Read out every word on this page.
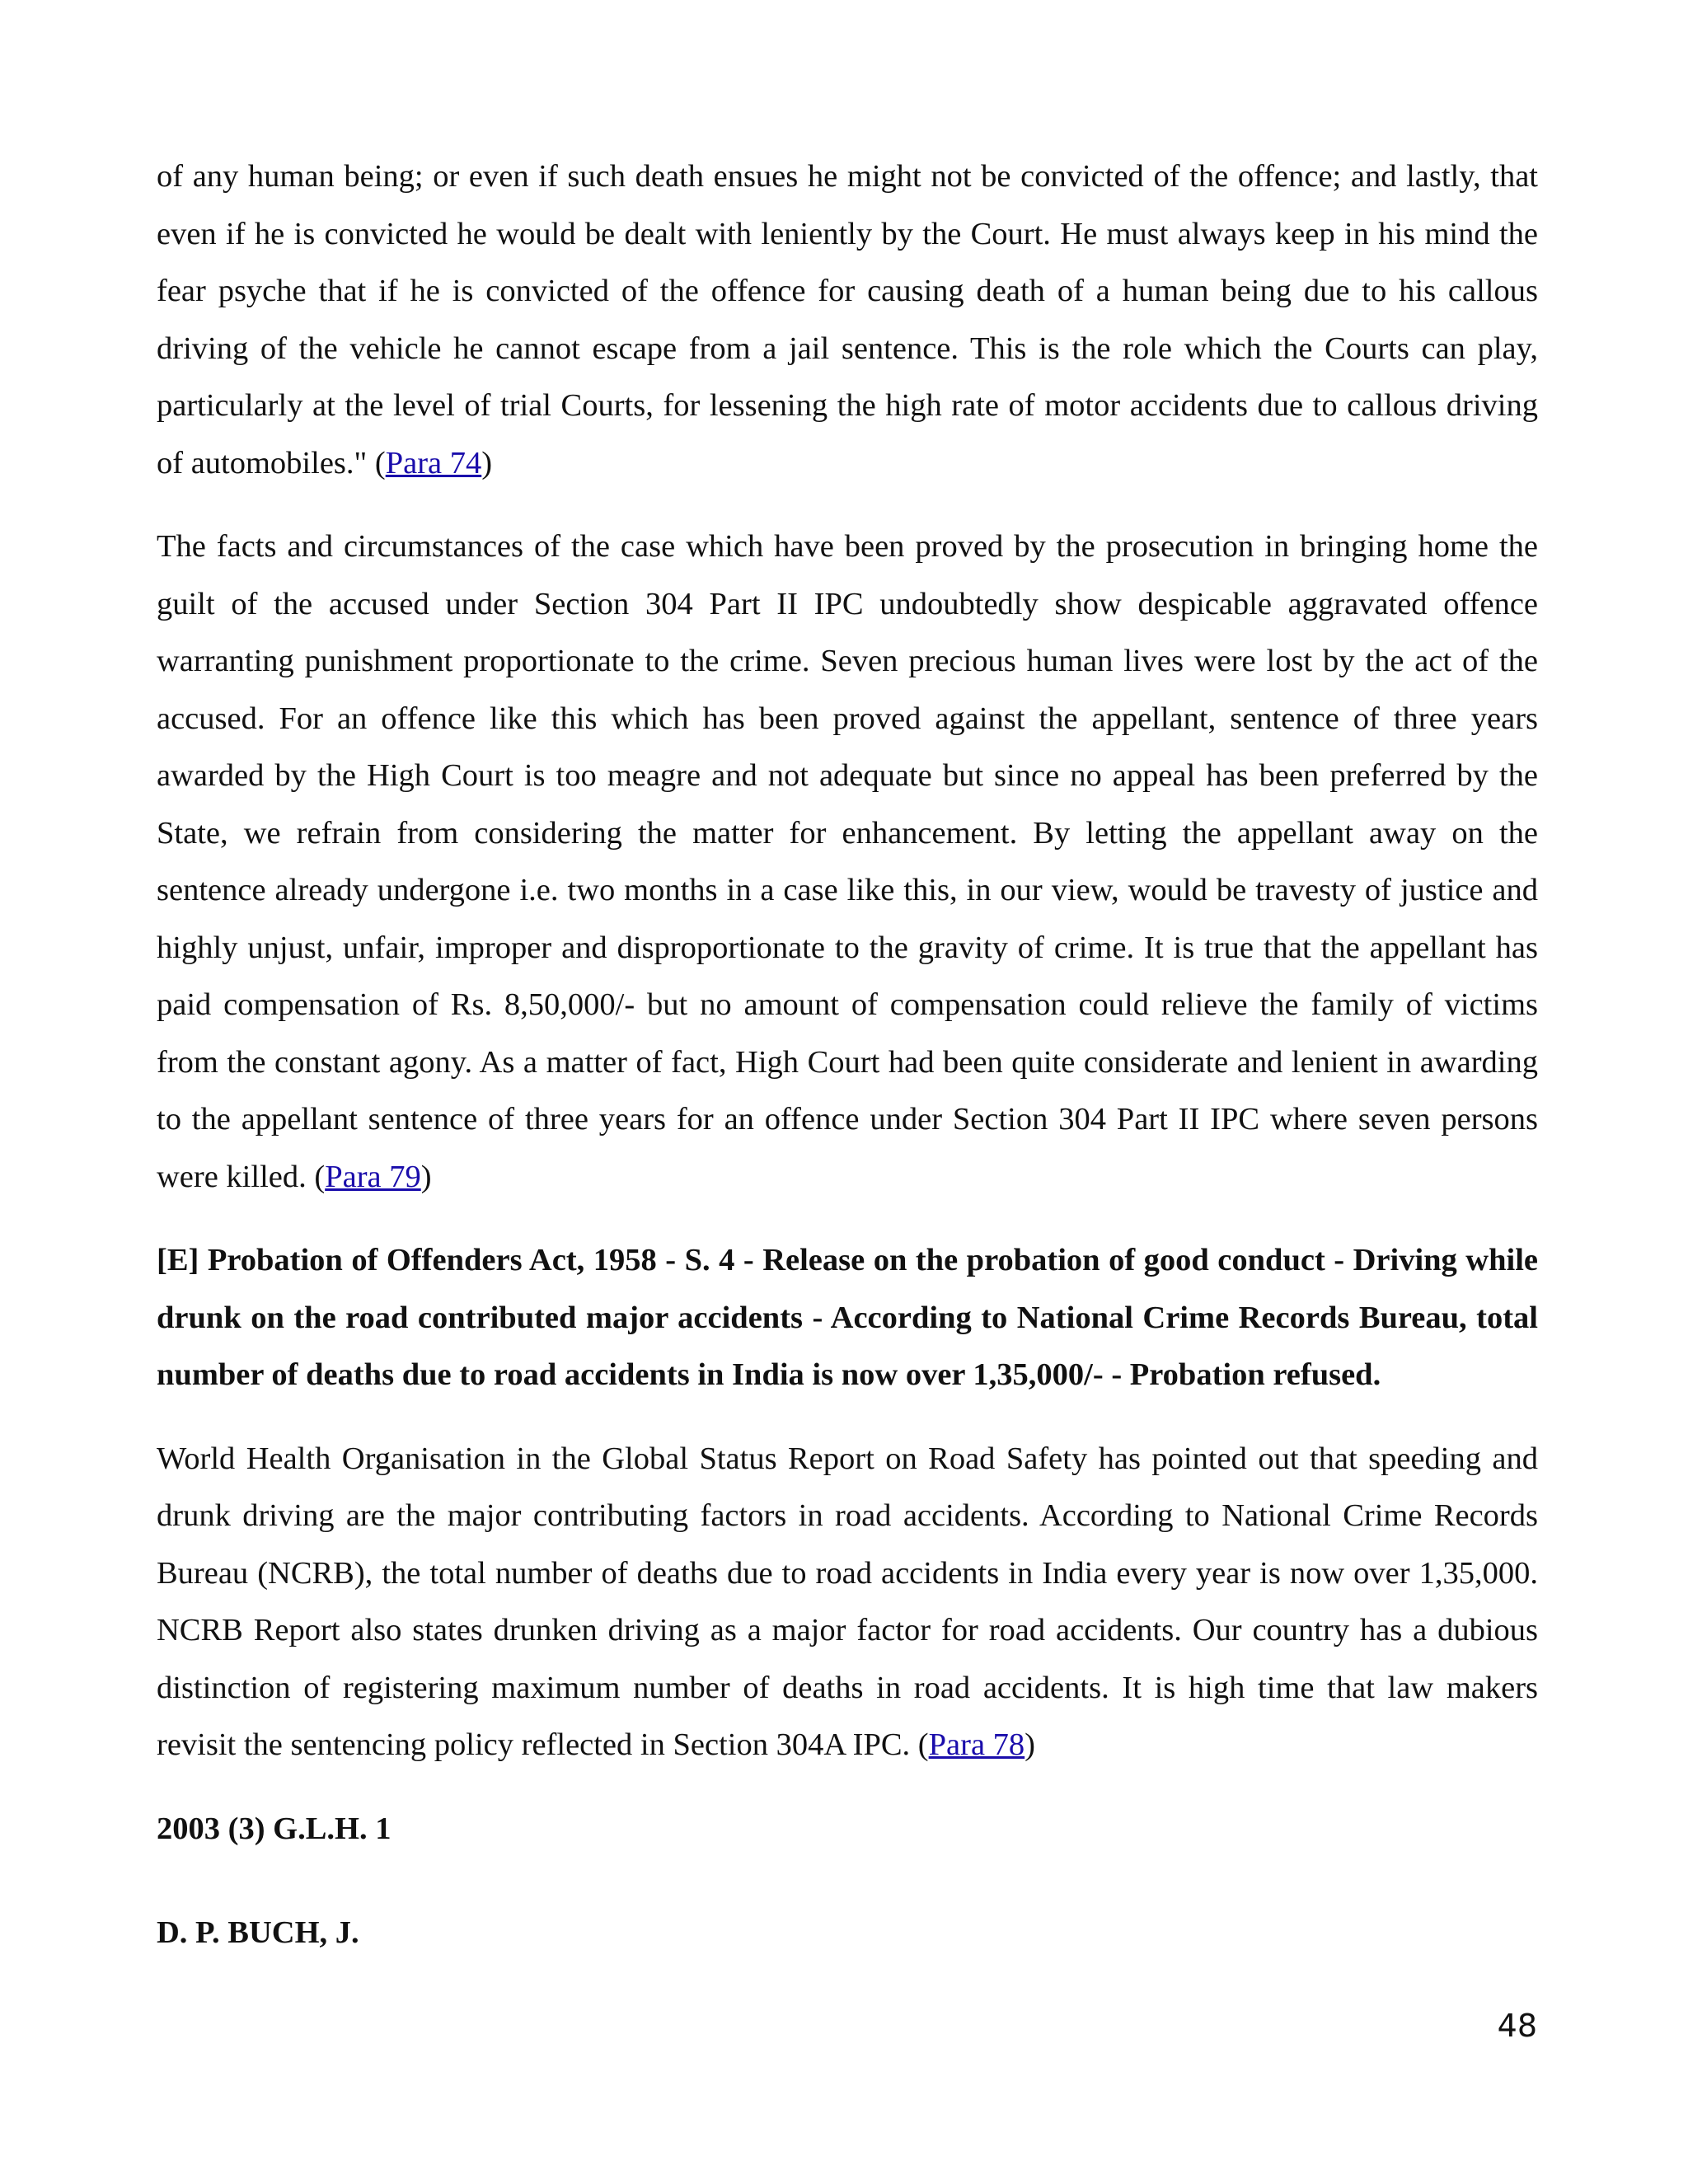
of any human being; or even if such death ensues he might not be convicted of the offence; and lastly, that even if he is convicted he would be dealt with leniently by the Court. He must always keep in his mind the fear psyche that if he is convicted of the offence for causing death of a human being due to his callous driving of the vehicle he cannot escape from a jail sentence. This is the role which the Courts can play, particularly at the level of trial Courts, for lessening the high rate of motor accidents due to callous driving of automobiles." (Para 74)

The facts and circumstances of the case which have been proved by the prosecution in bringing home the guilt of the accused under Section 304 Part II IPC undoubtedly show despicable aggravated offence warranting punishment proportionate to the crime. Seven precious human lives were lost by the act of the accused. For an offence like this which has been proved against the appellant, sentence of three years awarded by the High Court is too meagre and not adequate but since no appeal has been preferred by the State, we refrain from considering the matter for enhancement. By letting the appellant away on the sentence already undergone i.e. two months in a case like this, in our view, would be travesty of justice and highly unjust, unfair, improper and disproportionate to the gravity of crime. It is true that the appellant has paid compensation of Rs. 8,50,000/- but no amount of compensation could relieve the family of victims from the constant agony. As a matter of fact, High Court had been quite considerate and lenient in awarding to the appellant sentence of three years for an offence under Section 304 Part II IPC where seven persons were killed. (Para 79)

[E] Probation of Offenders Act, 1958 - S. 4 - Release on the probation of good conduct - Driving while drunk on the road contributed major accidents - According to National Crime Records Bureau, total number of deaths due to road accidents in India is now over 1,35,000/- - Probation refused.

World Health Organisation in the Global Status Report on Road Safety has pointed out that speeding and drunk driving are the major contributing factors in road accidents. According to National Crime Records Bureau (NCRB), the total number of deaths due to road accidents in India every year is now over 1,35,000. NCRB Report also states drunken driving as a major factor for road accidents. Our country has a dubious distinction of registering maximum number of deaths in road accidents. It is high time that law makers revisit the sentencing policy reflected in Section 304A IPC. (Para 78)

2003 (3) G.L.H. 1

D. P. BUCH, J.

48
